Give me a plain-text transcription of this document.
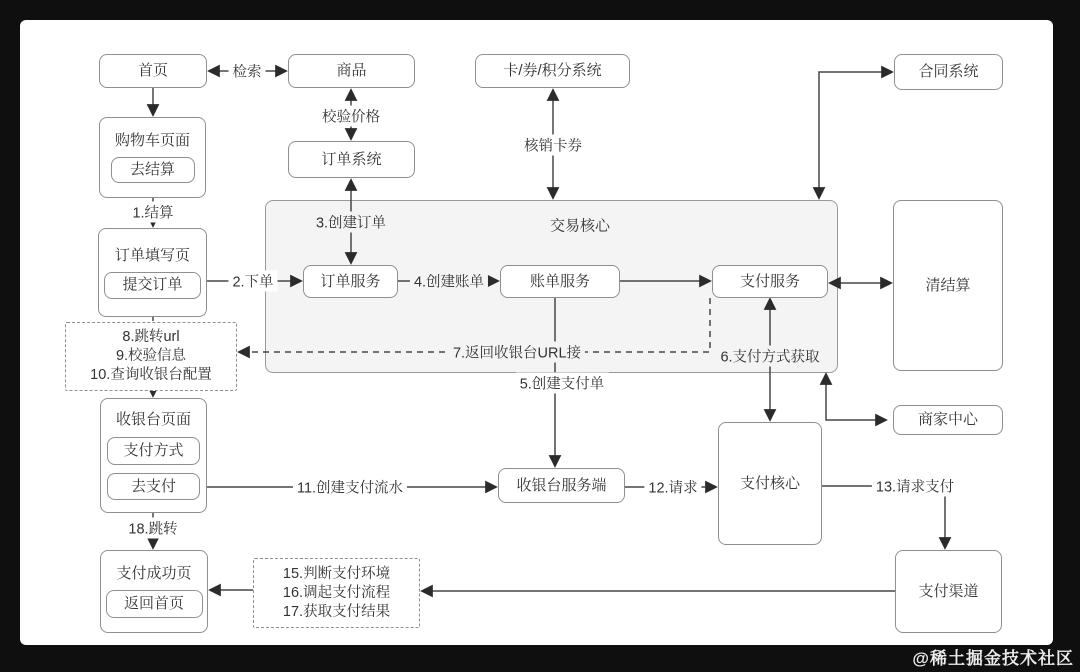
首页	商品	卡/券/积分系统	合同系统
购物车页面
去结算
订单系统
订单填写页
提交订单
8.跳转url
9.校验信息
10.查询收银台配置
交易核心
订单服务	账单服务	支付服务	清结算
商家中心
收银台页面
支付方式
去支付	收银台服务端	支付核心
支付成功页
返回首页
15.判断支付环境
16.调起支付流程
17.获取支付结果
支付渠道
检索
校验价格
核销卡券
1.结算
3.创建订单
2.下单	4.创建账单
7.返回收银台URL接	6.支付方式获取
5.创建支付单
11.创建支付流水	12.请求	13.请求支付
18.跳转
@稀土掘金技术社区
